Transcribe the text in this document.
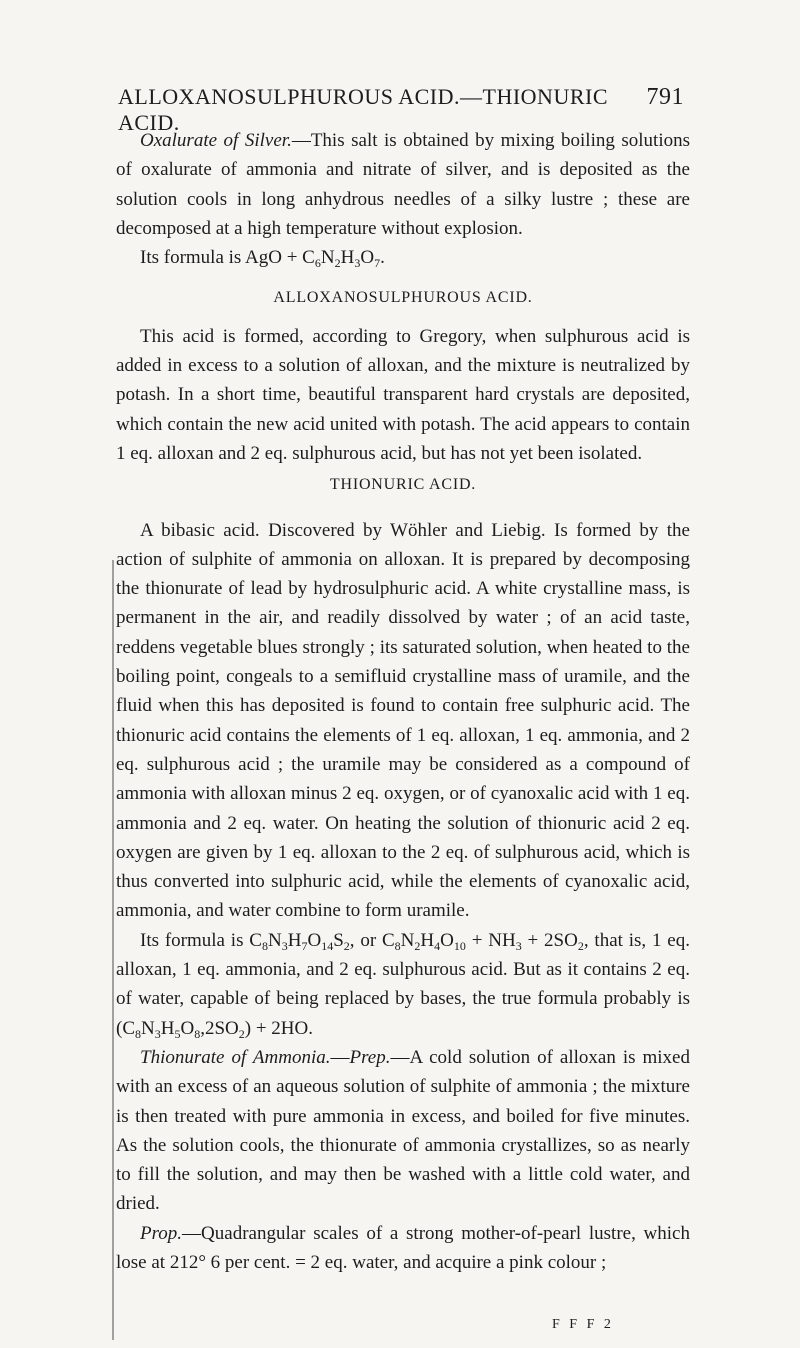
ALLOXANOSULPHUROUS ACID.—THIONURIC ACID.
791

Oxalurate of Silver.—This salt is obtained by mixing boiling solutions of oxalurate of ammonia and nitrate of silver, and is deposited as the solution cools in long anhydrous needles of a silky lustre ; these are decomposed at a high temperature without explosion.

Its formula is AgO + $C_6N_2H_3O_7$.

ALLOXANOSULPHUROUS ACID.

This acid is formed, according to Gregory, when sulphurous acid is added in excess to a solution of alloxan, and the mixture is neutralized by potash. In a short time, beautiful transparent hard crystals are deposited, which contain the new acid united with potash. The acid appears to contain 1 eq. alloxan and 2 eq. sulphurous acid, but has not yet been isolated.

THIONURIC ACID.

A bibasic acid. Discovered by Wöhler and Liebig. Is formed by the action of sulphite of ammonia on alloxan. It is prepared by decomposing the thionurate of lead by hydrosulphuric acid. A white crystalline mass, is permanent in the air, and readily dissolved by water ; of an acid taste, reddens vegetable blues strongly ; its saturated solution, when heated to the boiling point, congeals to a semifluid crystalline mass of uramile, and the fluid when this has deposited is found to contain free sulphuric acid. The thionuric acid contains the elements of 1 eq. alloxan, 1 eq. ammonia, and 2 eq. sulphurous acid ; the uramile may be considered as a compound of ammonia with alloxan minus 2 eq. oxygen, or of cyanoxalic acid with 1 eq. ammonia and 2 eq. water. On heating the solution of thionuric acid 2 eq. oxygen are given by 1 eq. alloxan to the 2 eq. of sulphurous acid, which is thus converted into sulphuric acid, while the elements of cyanoxalic acid, ammonia, and water combine to form uramile.

Its formula is $C_8N_3H_7O_{14}S_2$, or $C_8N_2H_4O_{10} + NH_3 + 2SO_2$, that is, 1 eq. alloxan, 1 eq. ammonia, and 2 eq. sulphurous acid. But as it contains 2 eq. of water, capable of being replaced by bases, the true formula probably is $(C_8N_3H_5O_8,2SO_2) + 2HO$.

Thionurate of Ammonia.—Prep.—A cold solution of alloxan is mixed with an excess of an aqueous solution of sulphite of ammonia ; the mixture is then treated with pure ammonia in excess, and boiled for five minutes. As the solution cools, the thionurate of ammonia crystallizes, so as nearly to fill the solution, and may then be washed with a little cold water, and dried.

Prop.—Quadrangular scales of a strong mother-of-pearl lustre, which lose at 212° 6 per cent. = 2 eq. water, and acquire a pink colour ;

F F F 2
